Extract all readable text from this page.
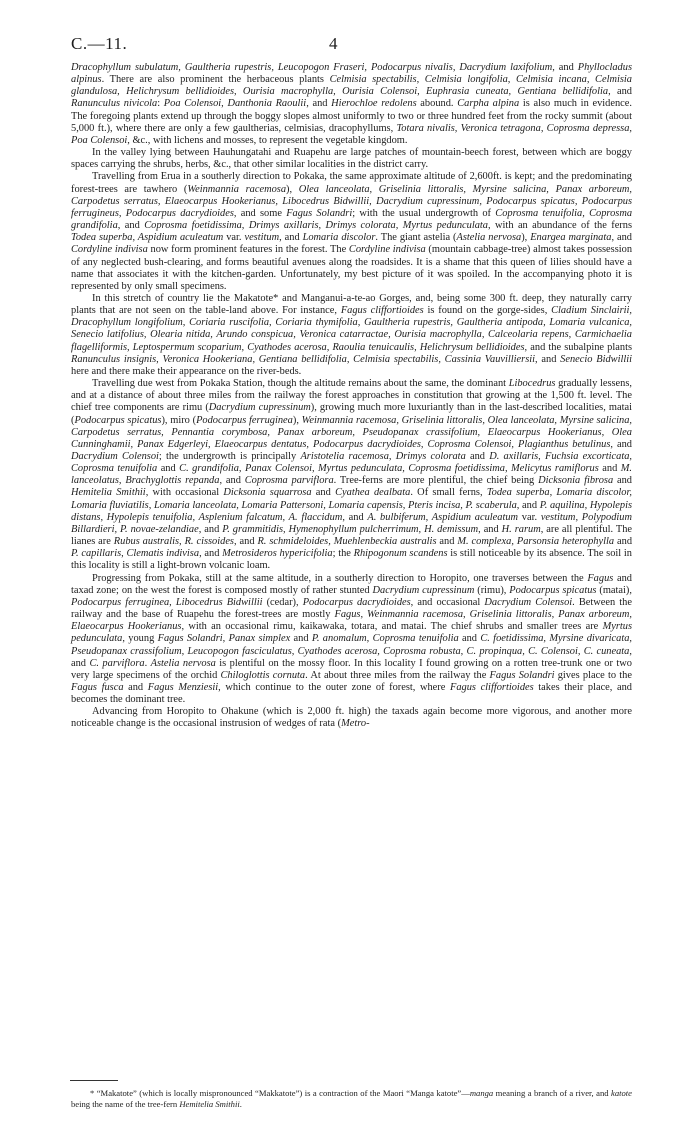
C.—11.	4

Dracophyllum subulatum, Gaultheria rupestris, Leucopogon Fraseri, Podocarpus nivalis, Dacrydium laxifolium, and Phyllocladus alpinus. There are also prominent the herbaceous plants Celmisia spectabilis, Celmisia longifolia, Celmisia incana, Celmisia glandulosa, Helichrysum bellidioides, Ourisia macrophylla, Ourisia Colensoi, Euphrasia cuneata, Gentiana bellidifolia, and Ranunculus nivicola: Poa Colensoi, Danthonia Raoulii, and Hierochloe redolens abound. Carpha alpina is also much in evidence. The foregoing plants extend up through the boggy slopes almost uniformly to two or three hundred feet from the rocky summit (about 5,000 ft.), where there are only a few gaultherias, celmisias, dracophyllums, Totara nivalis, Veronica tetragona, Coprosma depressa, Poa Colensoi, &c., with lichens and mosses, to represent the vegetable kingdom.

In the valley lying between Hauhungatahi and Ruapehu are large patches of mountain-beech forest, between which are boggy spaces carrying the shrubs, herbs, &c., that other similar localities in the district carry.

Travelling from Erua in a southerly direction to Pokaka, the same approximate altitude of 2,600ft. is kept; and the predominating forest-trees are tawhero (Weinmannia racemosa), Olea lanceolata, Griselinia littoralis, Myrsine salicina, Panax arboreum, Carpodetus serratus, Elaeocarpus Hookerianus, Libocedrus Bidwillii, Dacrydium cupressinum, Podocarpus spicatus, Podocarpus ferrugineus, Podocarpus dacrydioides, and some Fagus Solandri; with the usual undergrowth of Coprosma tenuifolia, Coprosma grandifolia, and Coprosma foetidissima, Drimys axillaris, Drimys colorata, Myrtus pedunculata, with an abundance of the ferns Todea superba, Aspidium aculeatum var. vestitum, and Lomaria discolor. The giant astelia (Astelia nervosa), Enargea marginata, and Cordyline indivisa now form prominent features in the forest. The Cordyline indivisa (mountain cabbage-tree) almost takes possession of any neglected bush-clearing, and forms beautiful avenues along the roadsides. It is a shame that this queen of lilies should have a name that associates it with the kitchen-garden. Unfortunately, my best picture of it was spoiled. In the accompanying photo it is represented by only small specimens.

In this stretch of country lie the Makatote* and Manganui-a-te-ao Gorges, and, being some 300 ft. deep, they naturally carry plants that are not seen on the table-land above. For instance, Fagus cliffortioides is found on the gorge-sides, Cladium Sinclairii, Dracophyllum longifolium, Coriaria ruscifolia, Coriaria thymifolia, Gaultheria rupestris, Gaultheria antipoda, Lomaria vulcanica, Senecio latifolius, Olearia nitida, Arundo conspicua, Veronica catarractae, Ourisia macrophylla, Calceolaria repens, Carmichaelia flagelliformis, Leptospermum scoparium, Cyathodes acerosa, Raoulia tenuicaulis, Helichrysum bellidioides, and the subalpine plants Ranunculus insignis, Veronica Hookeriana, Gentiana bellidifolia, Celmisia spectabilis, Cassinia Vauvilliersii, and Senecio Bidwillii here and there make their appearance on the river-beds.

Travelling due west from Pokaka Station, though the altitude remains about the same, the dominant Libocedrus gradually lessens, and at a distance of about three miles from the railway the forest approaches in constitution that growing at the 1,500 ft. level. The chief tree components are rimu (Dacrydium cupressinum), growing much more luxuriantly than in the last-described localities, matai (Podocarpus spicatus), miro (Podocarpus ferruginea), Weinmannia racemosa, Griselinia littoralis, Olea lanceolata, Myrsine salicina, Carpodetus serratus, Pennantia corymbosa, Panax arboreum, Pseudopanax crassifolium, Elaeocarpus Hookerianus, Olea Cunninghamii, Panax Edgerleyi, Elaeocarpus dentatus, Podocarpus dacrydioides, Coprosma Colensoi, Plagianthus betulinus, and Dacrydium Colensoi; the undergrowth is principally Aristotelia racemosa, Drimys colorata and D. axillaris, Fuchsia excorticata, Coprosma tenuifolia and C. grandifolia, Panax Colensoi, Myrtus pedunculata, Coprosma foetidissima, Melicytus ramiflorus and M. lanceolatus, Brachyglottis repanda, and Coprosma parviflora. Tree-ferns are more plentiful, the chief being Dicksonia fibrosa and Hemitelia Smithii, with occasional Dicksonia squarrosa and Cyathea dealbata. Of small ferns, Todea superba, Lomaria discolor, Lomaria fluviatilis, Lomaria lanceolata, Lomaria Pattersoni, Lomaria capensis, Pteris incisa, P. scaberula, and P. aquilina, Hypolepis distans, Hypolepis tenuifolia, Asplenium falcatum, A. flaccidum, and A. bulbiferum, Aspidium aculeatum var. vestitum, Polypodium Billardieri, P. novae-zelandiae, and P. grammitidis, Hymenophyllum pulcherrimum, H. demissum, and H. rarum, are all plentiful. The lianes are Rubus australis, R. cissoides, and R. schmideloides, Muehlenbeckia australis and M. complexa, Parsonsia heterophylla and P. capillaris, Clematis indivisa, and Metrosideros hypericifolia; the Rhipogonum scandens is still noticeable by its absence. The soil in this locality is still a light-brown volcanic loam.

Progressing from Pokaka, still at the same altitude, in a southerly direction to Horopito, one traverses between the Fagus and taxad zone; on the west the forest is composed mostly of rather stunted Dacrydium cupressinum (rimu), Podocarpus spicatus (matai), Podocarpus ferruginea, Libocedrus Bidwillii (cedar), Podocarpus dacrydioides, and occasional Dacrydium Colensoi. Between the railway and the base of Ruapehu the forest-trees are mostly Fagus, Weinmannia racemosa, Griselinia littoralis, Panax arboreum, Elaeocarpus Hookerianus, with an occasional rimu, kaikawaka, totara, and matai. The chief shrubs and smaller trees are Myrtus pedunculata, young Fagus Solandri, Panax simplex and P. anomalum, Coprosma tenuifolia and C. foetidissima, Myrsine divaricata, Pseudopanax crassifolium, Leucopogon fasciculatus, Cyathodes acerosa, Coprosma robusta, C. propinqua, C. Colensoi, C. cuneata, and C. parviflora. Astelia nervosa is plentiful on the mossy floor. In this locality I found growing on a rotten tree-trunk one or two very large specimens of the orchid Chiloglottis cornuta. At about three miles from the railway the Fagus Solandri gives place to the Fagus fusca and Fagus Menziesii, which continue to the outer zone of forest, where Fagus cliffortioides takes their place, and becomes the dominant tree.

Advancing from Horopito to Ohakune (which is 2,000 ft. high) the taxads again become more vigorous, and another more noticeable change is the occasional instrusion of wedges of rata (Metro-

* “Makatote” (which is locally mispronounced “Makkatote”) is a contraction of the Maori “Manga katote”—manga meaning a branch of a river, and katote being the name of the tree-fern Hemitelia Smithii.
